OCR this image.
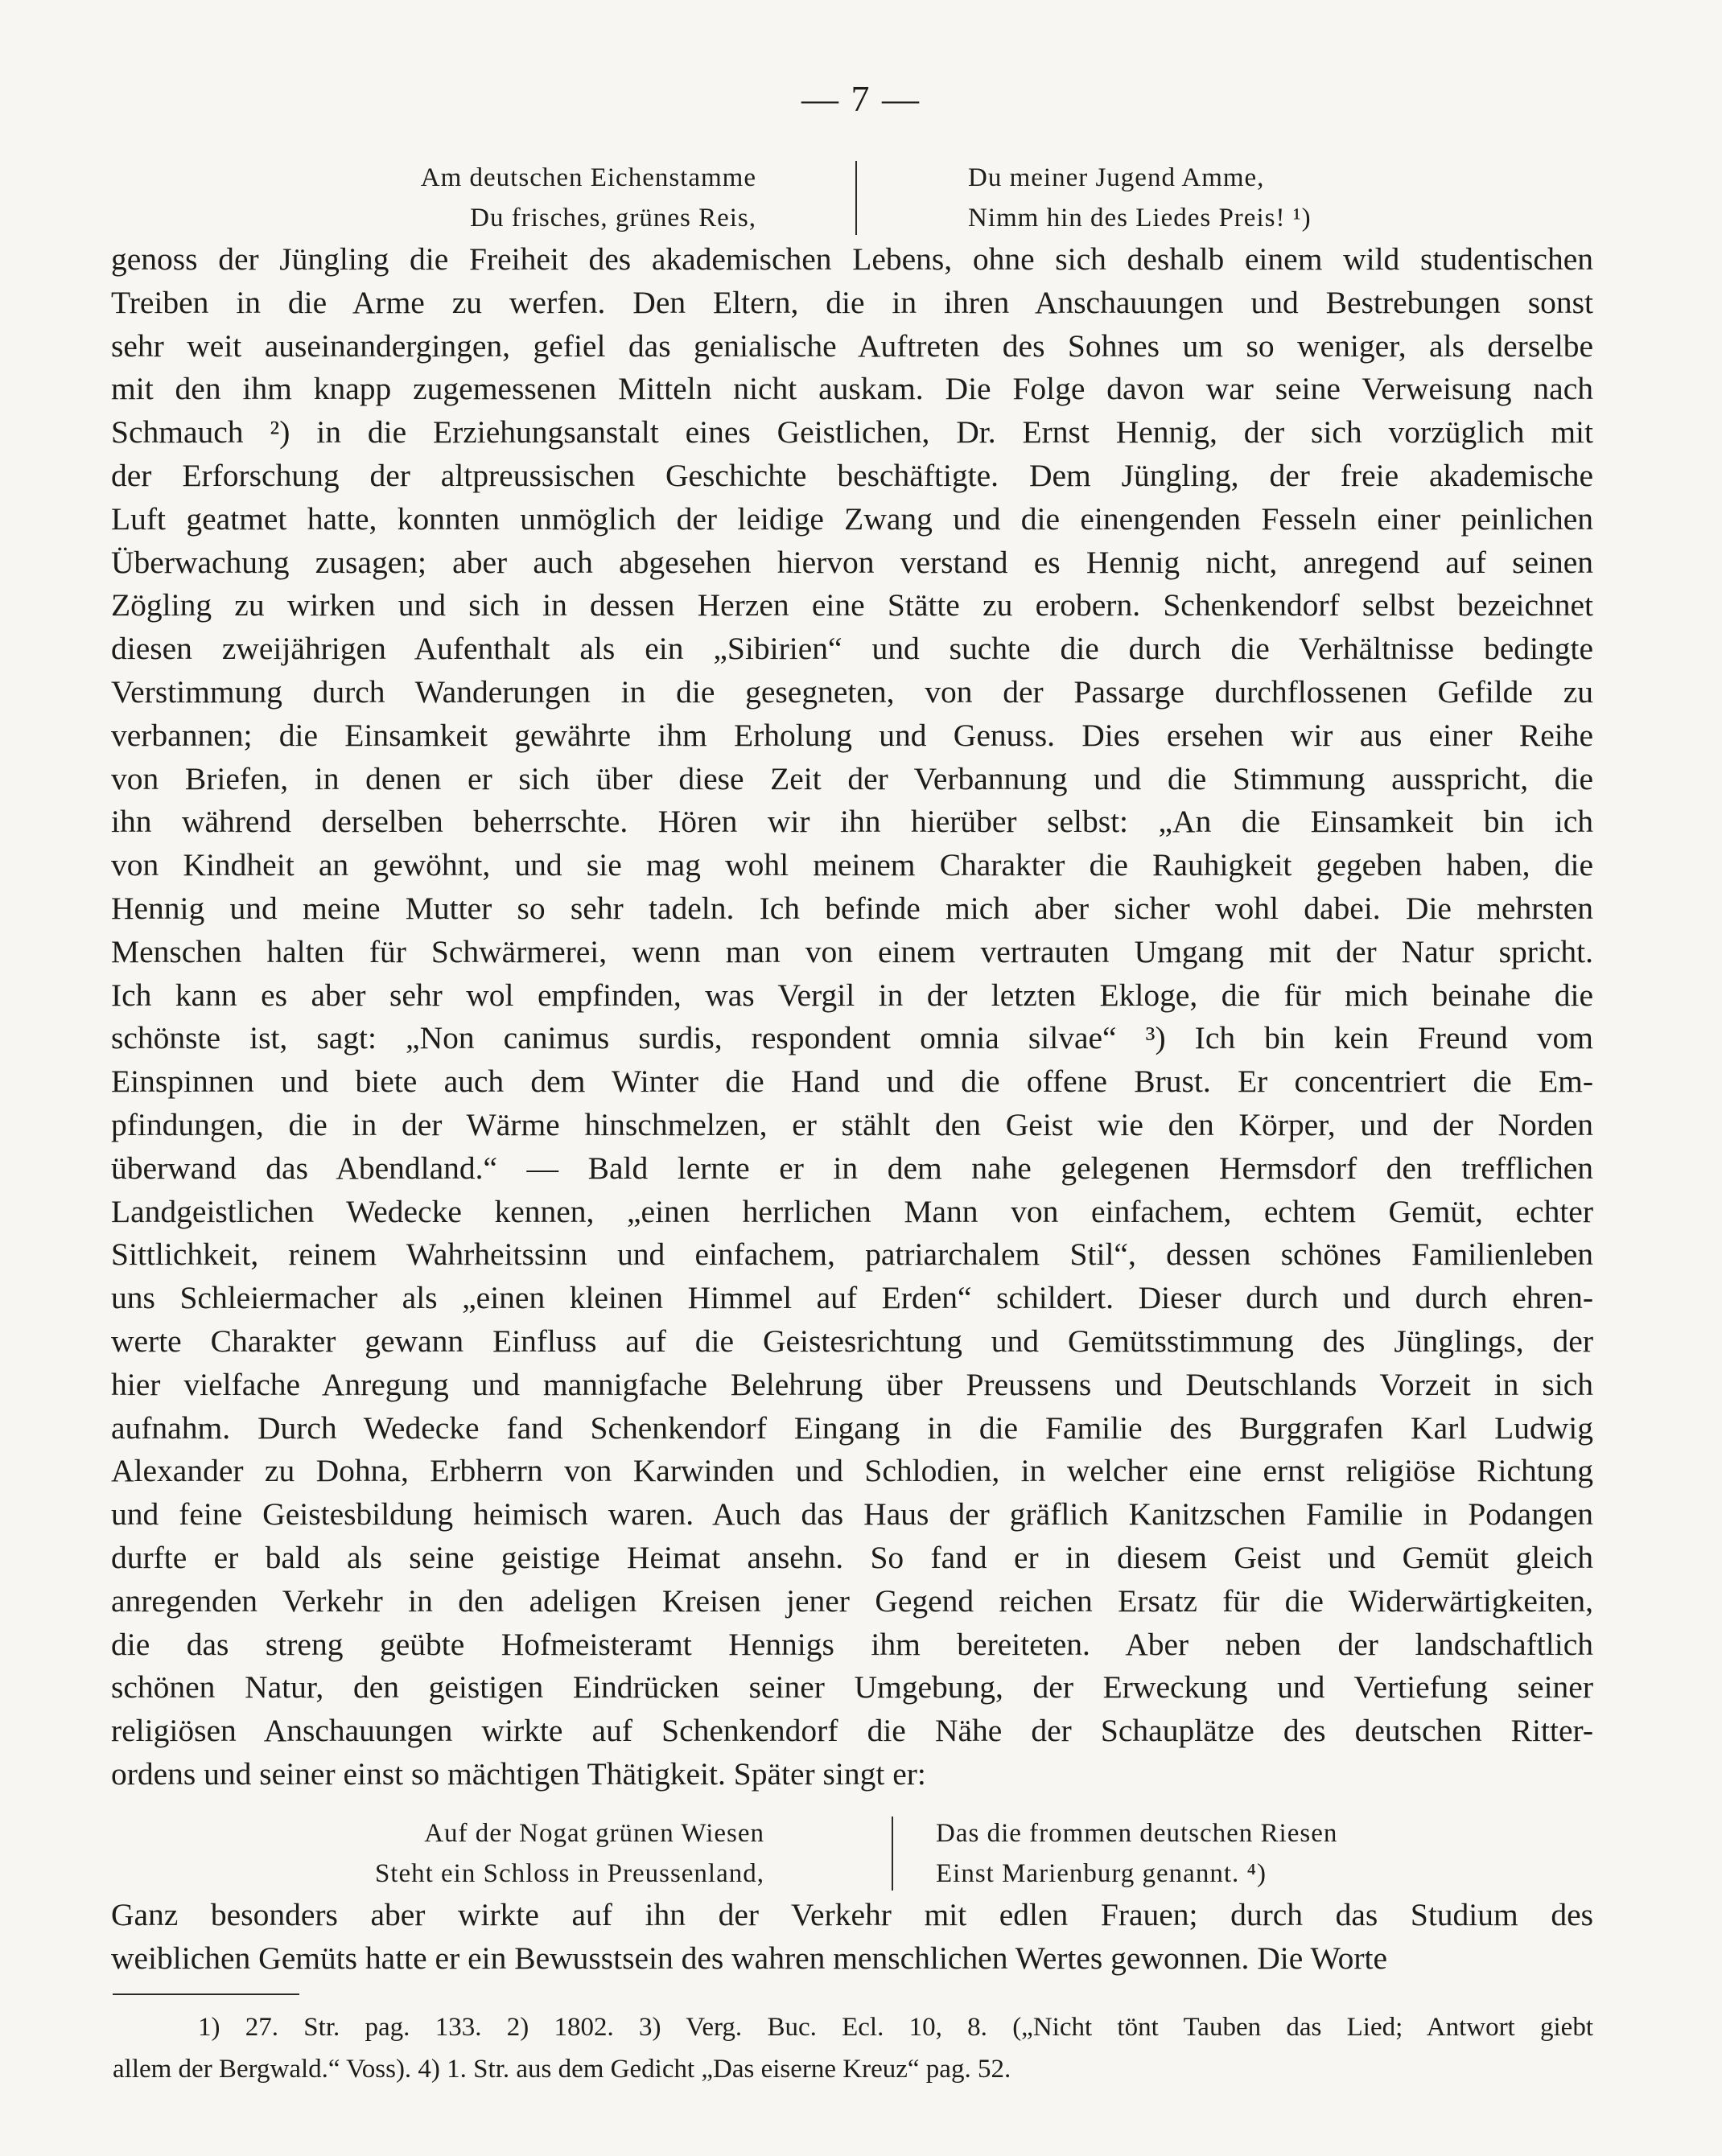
— 7 —
Am deutschen Eichenstamme
Du frisches, grünes Reis,
Du meiner Jugend Amme,
Nimm hin des Liedes Preis! ¹)
genoss der Jüngling die Freiheit des akademischen Lebens, ohne sich deshalb einem wild studentischen
Treiben in die Arme zu werfen. Den Eltern, die in ihren Anschauungen und Bestrebungen sonst
sehr weit auseinandergingen, gefiel das genialische Auftreten des Sohnes um so weniger, als derselbe
mit den ihm knapp zugemessenen Mitteln nicht auskam. Die Folge davon war seine Verweisung nach
Schmauch ²) in die Erziehungsanstalt eines Geistlichen, Dr. Ernst Hennig, der sich vorzüglich mit
der Erforschung der altpreussischen Geschichte beschäftigte. Dem Jüngling, der freie akademische
Luft geatmet hatte, konnten unmöglich der leidige Zwang und die einengenden Fesseln einer peinlichen
Überwachung zusagen; aber auch abgesehen hiervon verstand es Hennig nicht, anregend auf seinen
Zögling zu wirken und sich in dessen Herzen eine Stätte zu erobern. Schenkendorf selbst bezeichnet
diesen zweijährigen Aufenthalt als ein „Sibirien“ und suchte die durch die Verhältnisse bedingte
Verstimmung durch Wanderungen in die gesegneten, von der Passarge durchflossenen Gefilde zu
verbannen; die Einsamkeit gewährte ihm Erholung und Genuss. Dies ersehen wir aus einer Reihe
von Briefen, in denen er sich über diese Zeit der Verbannung und die Stimmung ausspricht, die
ihn während derselben beherrschte. Hören wir ihn hierüber selbst: „An die Einsamkeit bin ich
von Kindheit an gewöhnt, und sie mag wohl meinem Charakter die Rauhigkeit gegeben haben, die
Hennig und meine Mutter so sehr tadeln. Ich befinde mich aber sicher wohl dabei. Die mehrsten
Menschen halten für Schwärmerei, wenn man von einem vertrauten Umgang mit der Natur spricht.
Ich kann es aber sehr wol empfinden, was Vergil in der letzten Ekloge, die für mich beinahe die
schönste ist, sagt: „Non canimus surdis, respondent omnia silvae“ ³) Ich bin kein Freund vom
Einspinnen und biete auch dem Winter die Hand und die offene Brust. Er concentriert die Em-
pfindungen, die in der Wärme hinschmelzen, er stählt den Geist wie den Körper, und der Norden
überwand das Abendland.“ — Bald lernte er in dem nahe gelegenen Hermsdorf den trefflichen
Landgeistlichen Wedecke kennen, „einen herrlichen Mann von einfachem, echtem Gemüt, echter
Sittlichkeit, reinem Wahrheitssinn und einfachem, patriarchalem Stil“, dessen schönes Familienleben
uns Schleiermacher als „einen kleinen Himmel auf Erden“ schildert. Dieser durch und durch ehren-
werte Charakter gewann Einfluss auf die Geistesrichtung und Gemütsstimmung des Jünglings, der
hier vielfache Anregung und mannigfache Belehrung über Preussens und Deutschlands Vorzeit in sich
aufnahm. Durch Wedecke fand Schenkendorf Eingang in die Familie des Burggrafen Karl Ludwig
Alexander zu Dohna, Erbherrn von Karwinden und Schlodien, in welcher eine ernst religiöse Richtung
und feine Geistesbildung heimisch waren. Auch das Haus der gräflich Kanitzschen Familie in Podangen
durfte er bald als seine geistige Heimat ansehn. So fand er in diesem Geist und Gemüt gleich
anregenden Verkehr in den adeligen Kreisen jener Gegend reichen Ersatz für die Widerwärtigkeiten,
die das streng geübte Hofmeisteramt Hennigs ihm bereiteten. Aber neben der landschaftlich
schönen Natur, den geistigen Eindrücken seiner Umgebung, der Erweckung und Vertiefung seiner
religiösen Anschauungen wirkte auf Schenkendorf die Nähe der Schauplätze des deutschen Ritter-
ordens und seiner einst so mächtigen Thätigkeit. Später singt er:
Auf der Nogat grünen Wiesen
Steht ein Schloss in Preussenland,
Das die frommen deutschen Riesen
Einst Marienburg genannt. ⁴)
Ganz besonders aber wirkte auf ihn der Verkehr mit edlen Frauen; durch das Studium des
weiblichen Gemüts hatte er ein Bewusstsein des wahren menschlichen Wertes gewonnen. Die Worte
1) 27. Str. pag. 133. 2) 1802. 3) Verg. Buc. Ecl. 10, 8. („Nicht tönt Tauben das Lied; Antwort giebt
allem der Bergwald.“ Voss). 4) 1. Str. aus dem Gedicht „Das eiserne Kreuz“ pag. 52.
